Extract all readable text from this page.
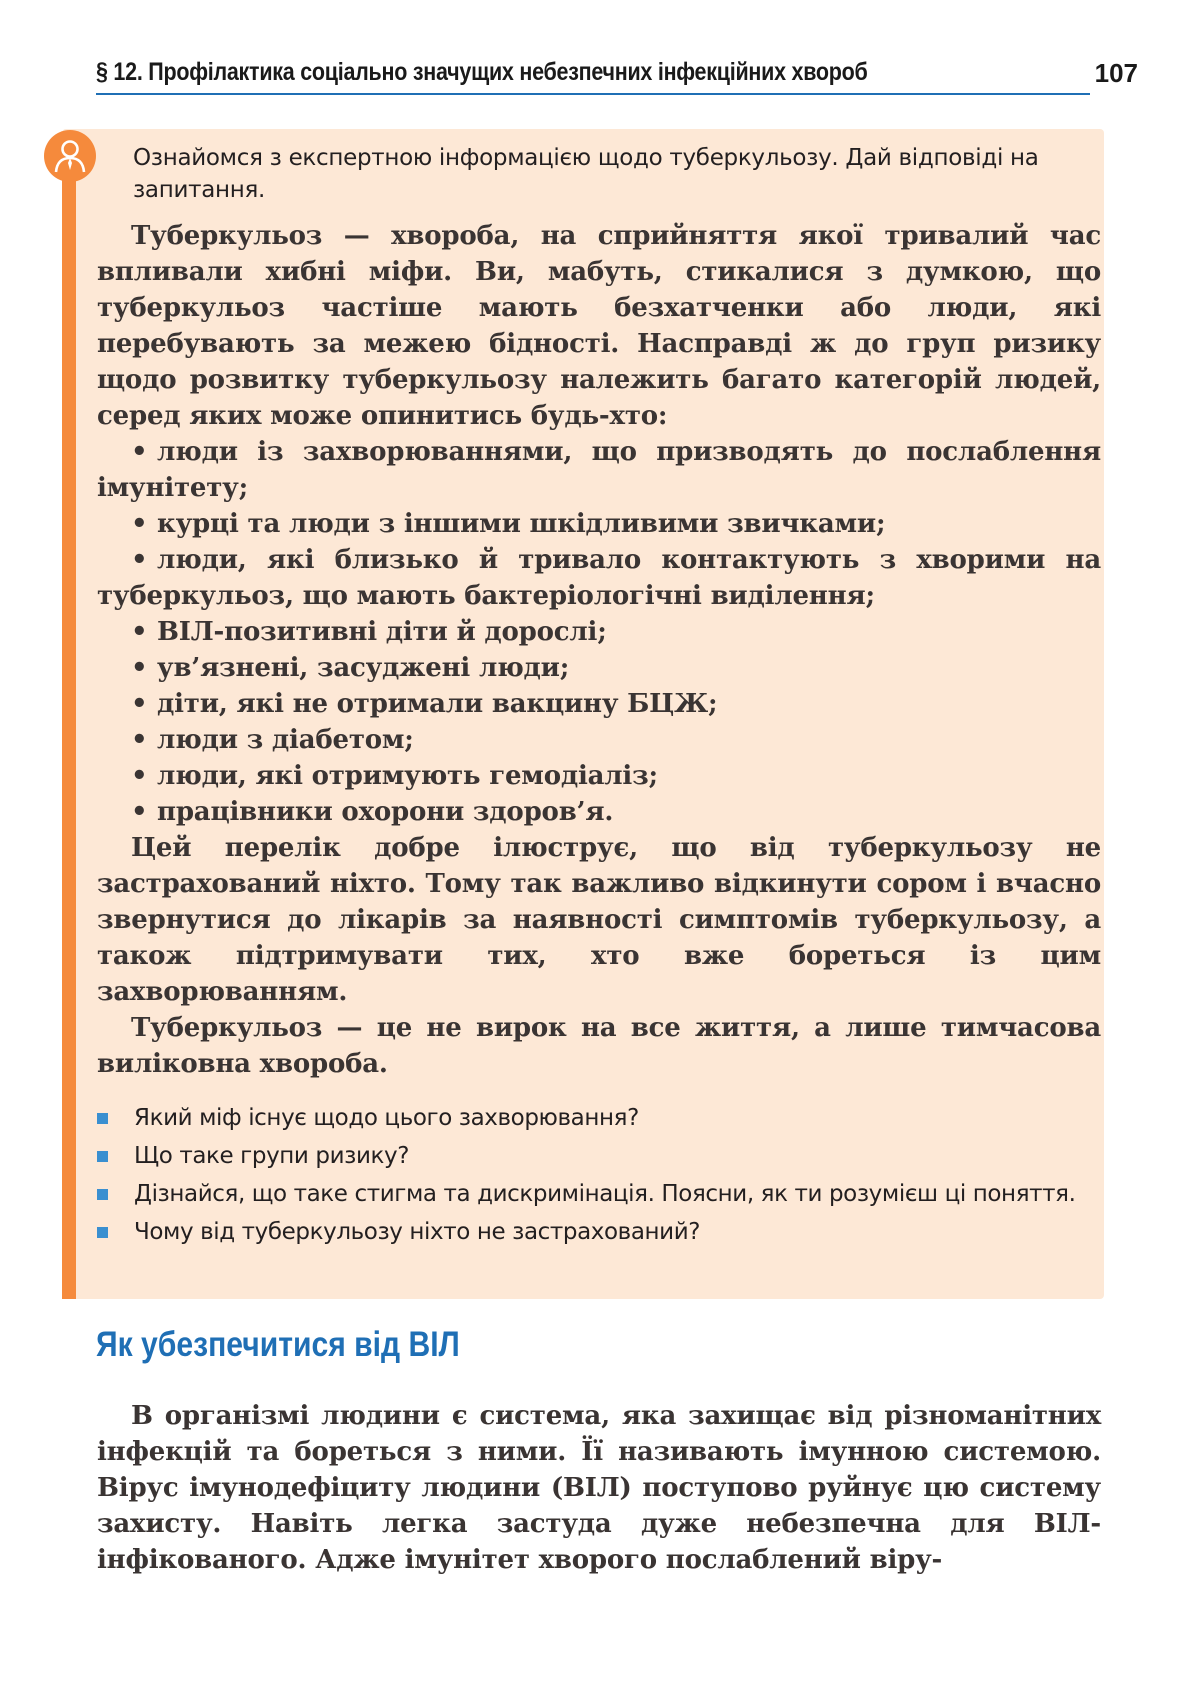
§ 12. Профілактика соціально значущих небезпечних інфекційних хвороб	107

Ознайомся з експертною інформацією щодо туберкульозу. Дай відповіді на запитання.

Туберкульоз — хвороба, на сприйняття якої тривалий час впливали хибні міфи. Ви, мабуть, стикалися з думкою, що туберкульоз частіше мають безхатченки або люди, які перебувають за межею бідності. Насправді ж до груп ризику щодо розвитку туберкульозу належить багато категорій людей, серед яких може опинитись будь-хто:

• люди із захворюваннями, що призводять до послаблення імунітету;
• курці та люди з іншими шкідливими звичками;
• люди, які близько й тривало контактують з хворими на туберкульоз, що мають бактеріологічні виділення;
• ВІЛ-позитивні діти й дорослі;
• ув’язнені, засуджені люди;
• діти, які не отримали вакцину БЦЖ;
• люди з діабетом;
• люди, які отримують гемодіаліз;
• працівники охорони здоров’я.

Цей перелік добре ілюструє, що від туберкульозу не застрахований ніхто. Тому так важливо відкинути сором і вчасно звернутися до лікарів за наявності симптомів туберкульозу, а також підтримувати тих, хто вже бореться із цим захворюванням.

Туберкульоз — це не вирок на все життя, а лише тимчасова виліковна хвороба.

Який міф існує щодо цього захворювання?
Що таке групи ризику?
Дізнайся, що таке стигма та дискримінація. Поясни, як ти розумієш ці поняття.
Чому від туберкульозу ніхто не застрахований?
Як убезпечитися від ВІЛ

В організмі людини є система, яка захищає від різноманітних інфекцій та бореться з ними. Її називають імунною системою. Вірус імунодефіциту людини (ВІЛ) поступово руйнує цю систему захисту. Навіть легка застуда дуже небезпечна для ВІЛ-інфікованого. Адже імунітет хворого послаблений віру-
